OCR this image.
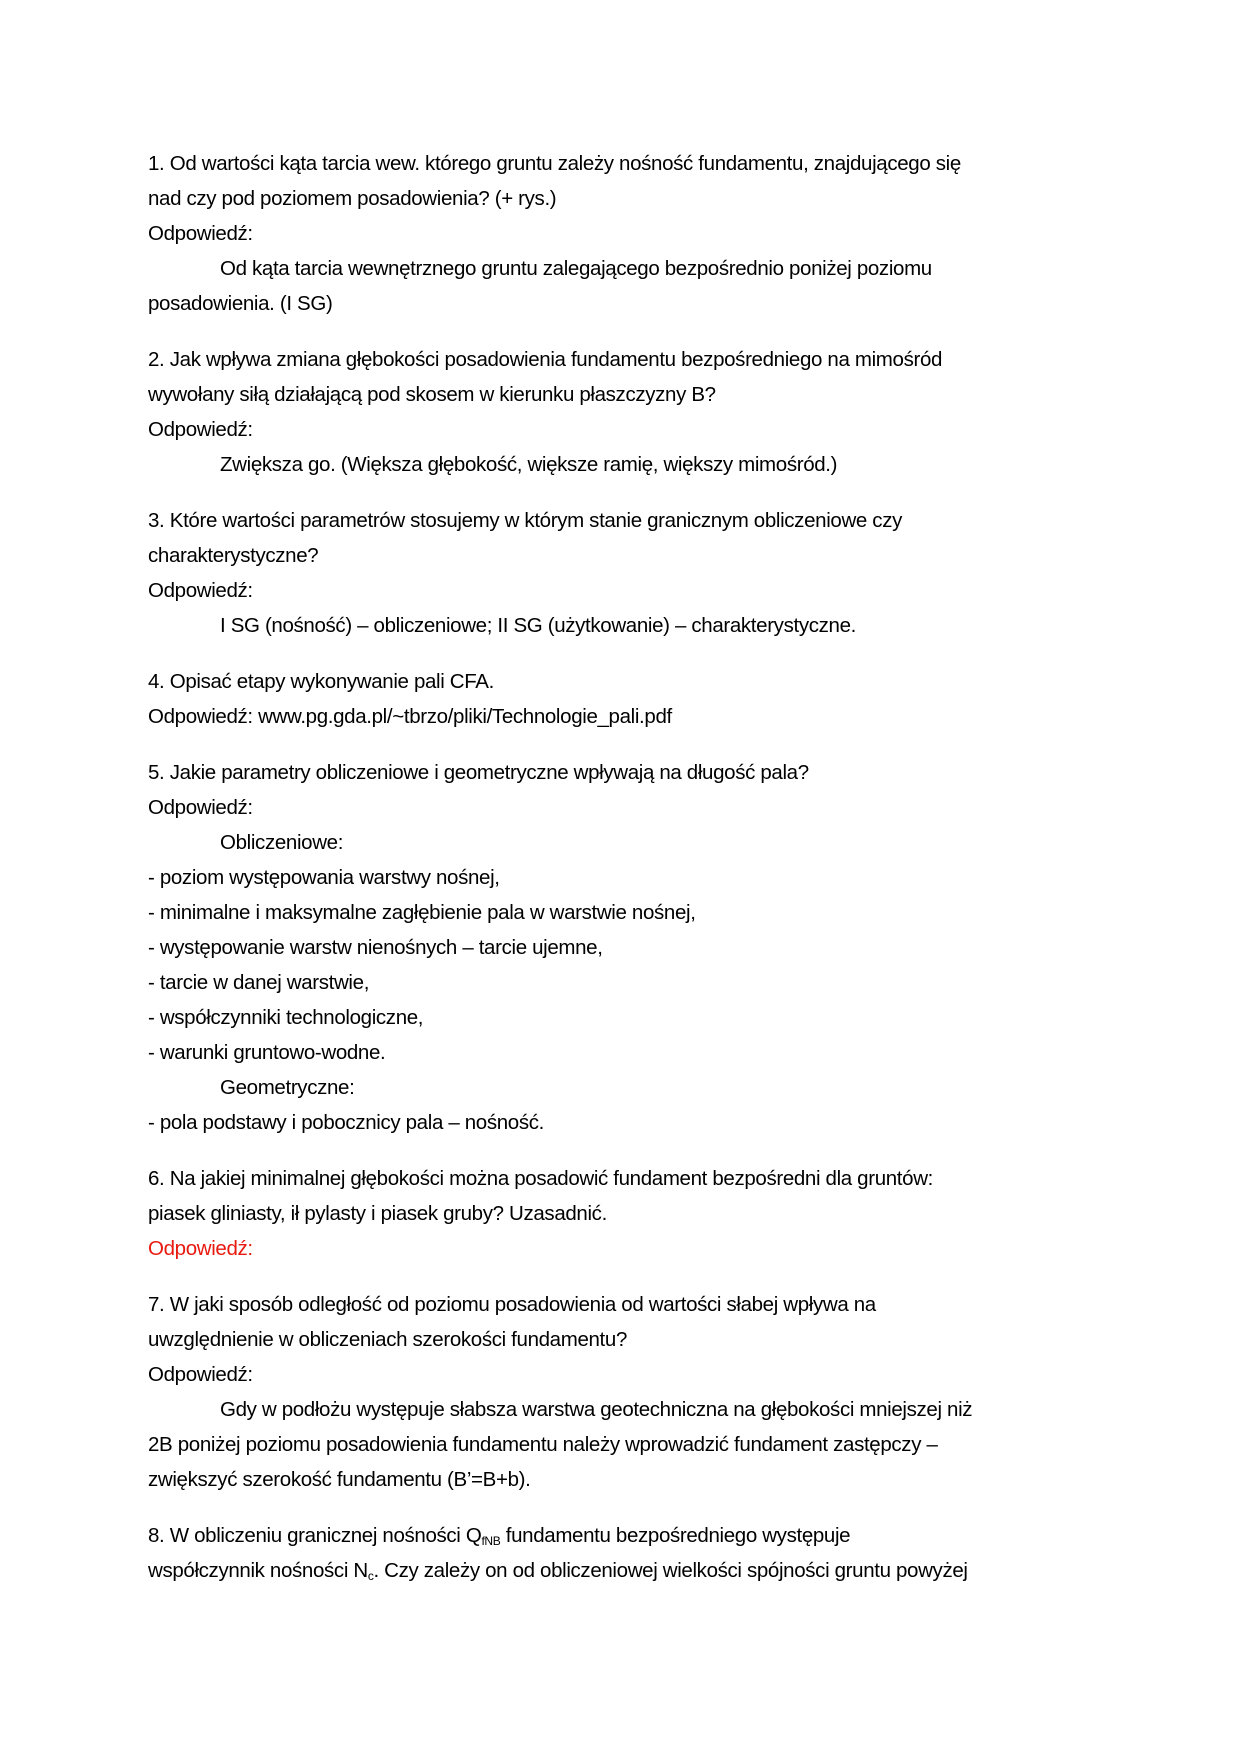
1. Od wartości kąta tarcia wew. którego gruntu zależy nośność fundamentu, znajdującego się
nad czy pod poziomem posadowienia? (+ rys.)
Odpowiedź:
Od kąta tarcia wewnętrznego gruntu zalegającego bezpośrednio poniżej poziomu
posadowienia. (I SG)
2. Jak wpływa zmiana głębokości posadowienia fundamentu bezpośredniego na mimośród
wywołany siłą działającą pod skosem w kierunku płaszczyzny B?
Odpowiedź:
Zwiększa go. (Większa głębokość, większe ramię, większy mimośród.)
3. Które wartości parametrów stosujemy w którym stanie granicznym obliczeniowe czy
charakterystyczne?
Odpowiedź:
I SG (nośność) – obliczeniowe; II SG (użytkowanie) – charakterystyczne.
4. Opisać etapy wykonywanie pali CFA.
Odpowiedź: www.pg.gda.pl/~tbrzo/pliki/Technologie_pali.pdf
5. Jakie parametry obliczeniowe i geometryczne wpływają na długość pala?
Odpowiedź:
Obliczeniowe:
- poziom występowania warstwy nośnej,
- minimalne i maksymalne zagłębienie pala w warstwie nośnej,
- występowanie warstw nienośnych – tarcie ujemne,
- tarcie w danej warstwie,
- współczynniki technologiczne,
- warunki gruntowo-wodne.
Geometryczne:
- pola podstawy i pobocznicy pala – nośność.
6. Na jakiej minimalnej głębokości można posadowić fundament bezpośredni dla gruntów:
piasek gliniasty, ił pylasty i piasek gruby? Uzasadnić.
Odpowiedź:
7. W jaki sposób odległość od poziomu posadowienia od wartości słabej wpływa na
uwzględnienie w obliczeniach szerokości fundamentu?
Odpowiedź:
Gdy w podłożu występuje słabsza warstwa geotechniczna na głębokości mniejszej niż
2B poniżej poziomu posadowienia fundamentu należy wprowadzić fundament zastępczy –
zwiększyć szerokość fundamentu (B’=B+b).
8. W obliczeniu granicznej nośności $Q_{fNB}$ fundamentu bezpośredniego występuje
współczynnik nośności $N_c$. Czy zależy on od obliczeniowej wielkości spójności gruntu powyżej
